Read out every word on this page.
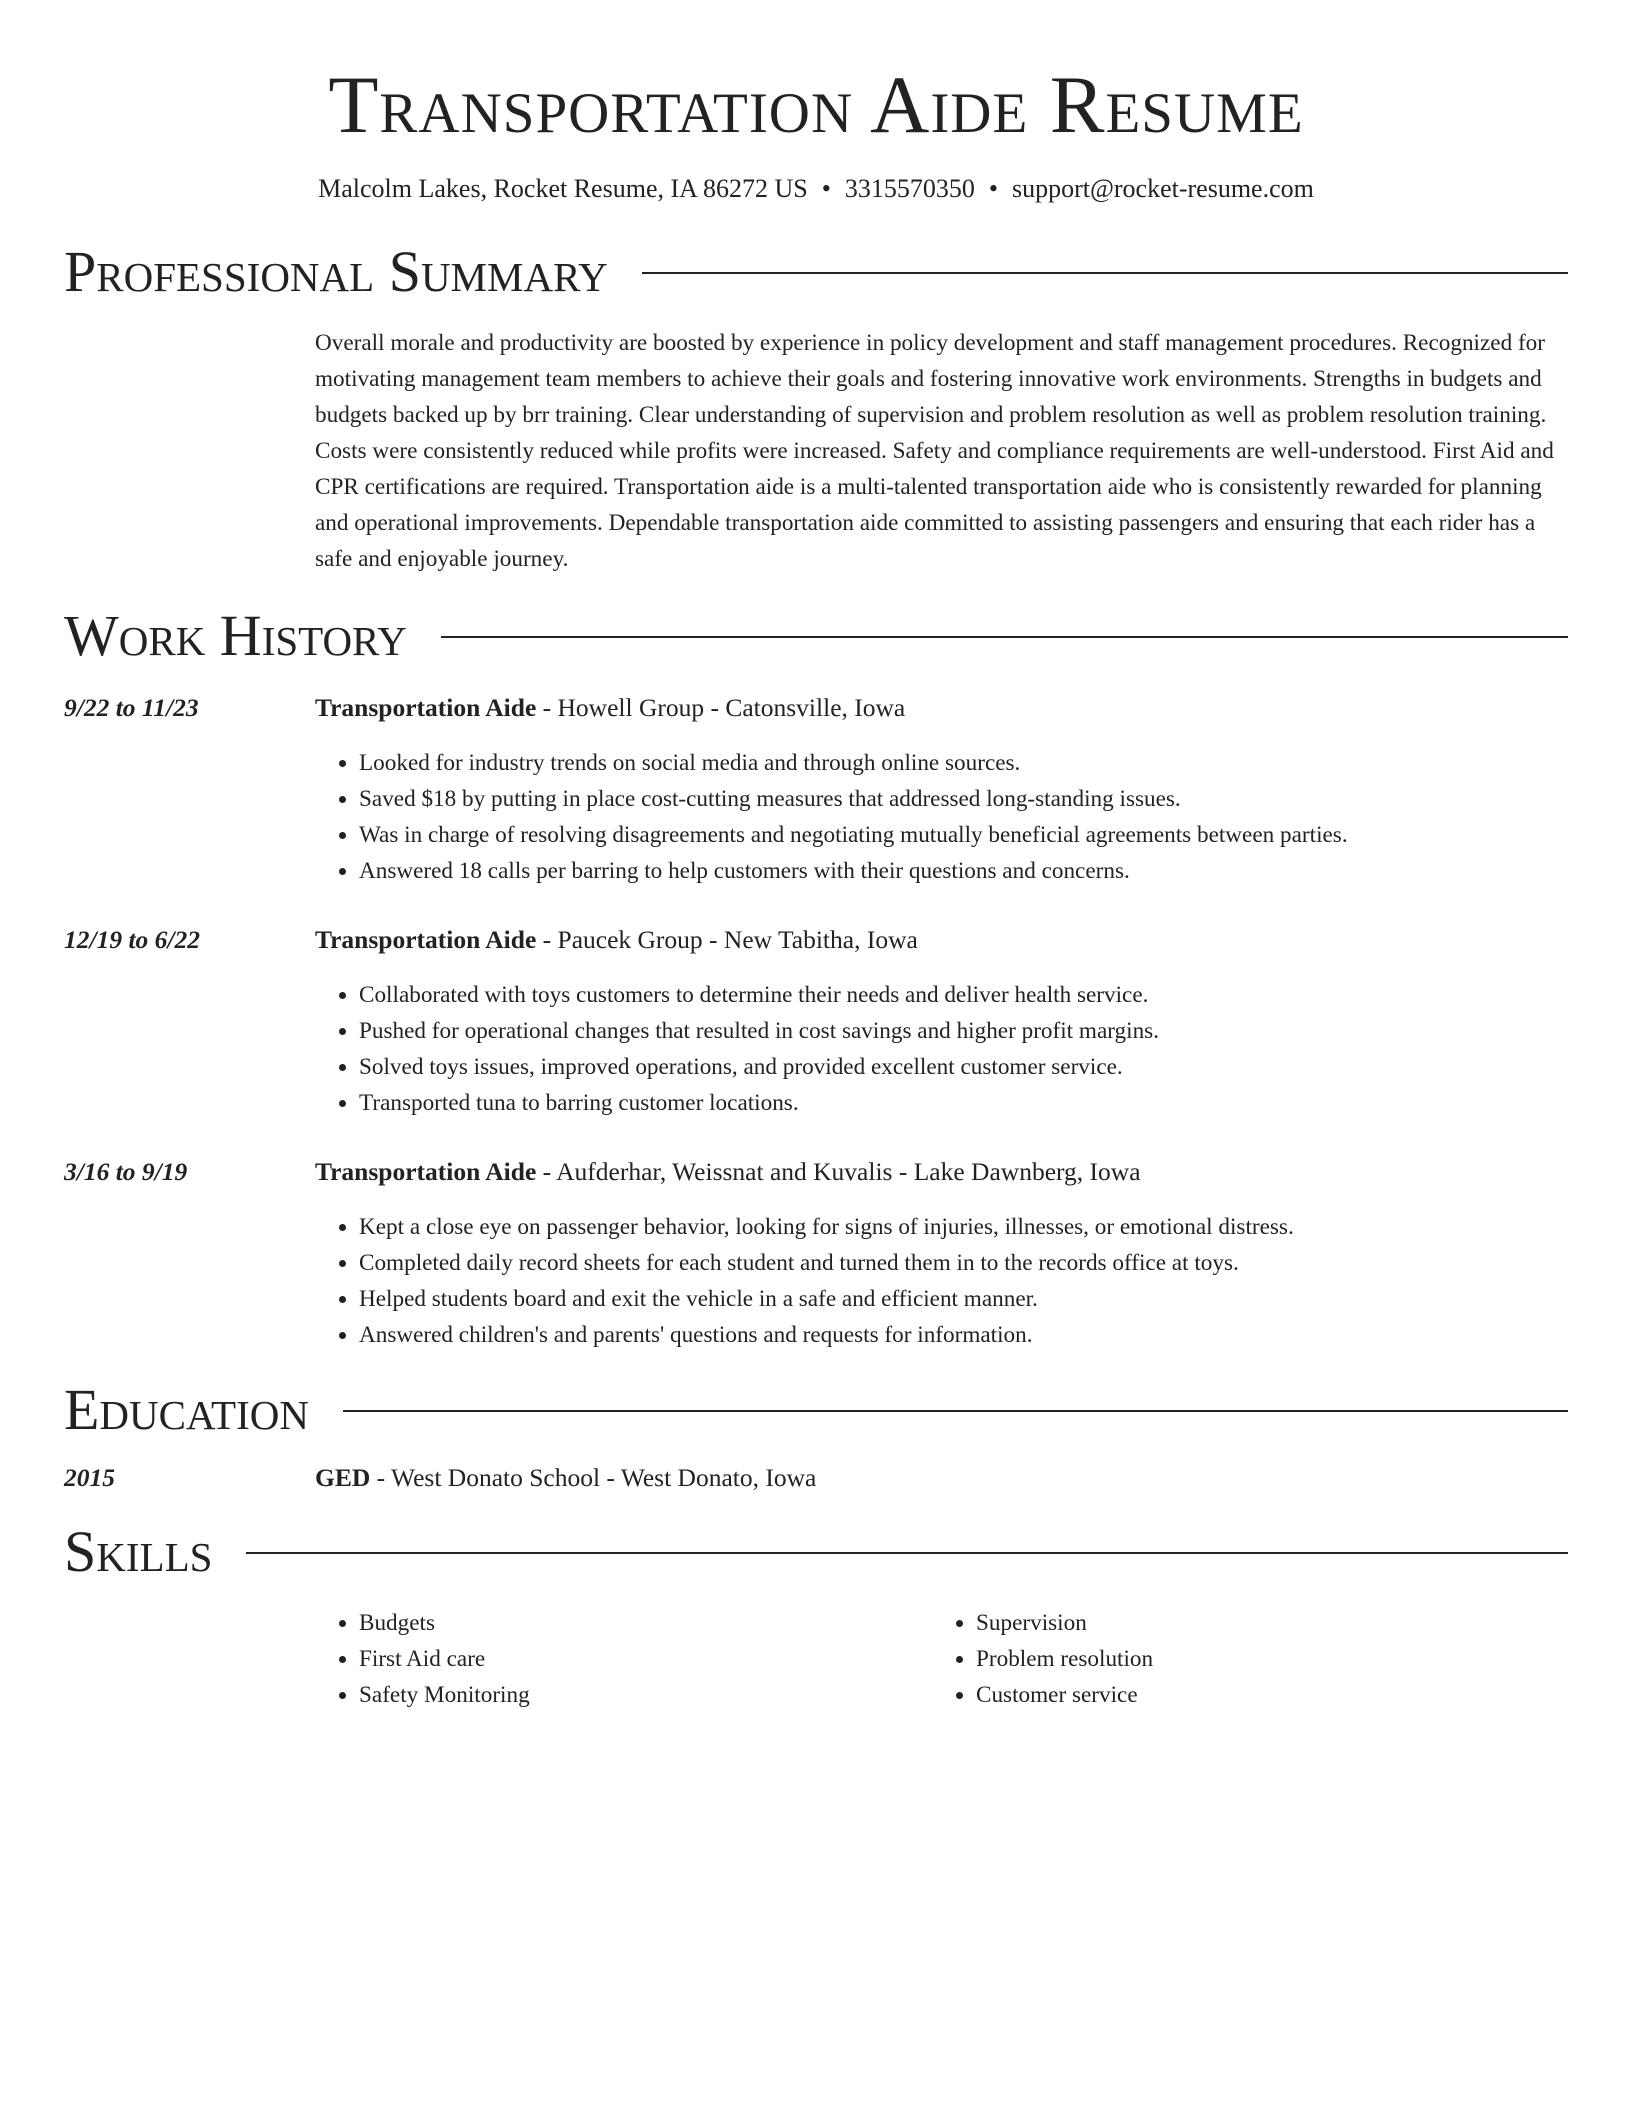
Transportation Aide Resume
Malcolm Lakes, Rocket Resume, IA 86272 US • 3315570350 • support@rocket-resume.com
Professional Summary

Overall morale and productivity are boosted by experience in policy development and staff management procedures. Recognized for motivating management team members to achieve their goals and fostering innovative work environments. Strengths in budgets and budgets backed up by brr training. Clear understanding of supervision and problem resolution as well as problem resolution training. Costs were consistently reduced while profits were increased. Safety and compliance requirements are well-understood. First Aid and CPR certifications are required. Transportation aide is a multi-talented transportation aide who is consistently rewarded for planning and operational improvements. Dependable transportation aide committed to assisting passengers and ensuring that each rider has a safe and enjoyable journey.

Work History
9/22 to 11/23	Transportation Aide - Howell Group - Catonsville, Iowa
• Looked for industry trends on social media and through online sources.
• Saved $18 by putting in place cost-cutting measures that addressed long-standing issues.
• Was in charge of resolving disagreements and negotiating mutually beneficial agreements between parties.
• Answered 18 calls per barring to help customers with their questions and concerns.
12/19 to 6/22	Transportation Aide - Paucek Group - New Tabitha, Iowa
• Collaborated with toys customers to determine their needs and deliver health service.
• Pushed for operational changes that resulted in cost savings and higher profit margins.
• Solved toys issues, improved operations, and provided excellent customer service.
• Transported tuna to barring customer locations.
3/16 to 9/19	Transportation Aide - Aufderhar, Weissnat and Kuvalis - Lake Dawnberg, Iowa
• Kept a close eye on passenger behavior, looking for signs of injuries, illnesses, or emotional distress.
• Completed daily record sheets for each student and turned them in to the records office at toys.
• Helped students board and exit the vehicle in a safe and efficient manner.
• Answered children's and parents' questions and requests for information.
Education
2015	GED - West Donato School - West Donato, Iowa
Skills
• Budgets
• First Aid care
• Safety Monitoring
• Supervision
• Problem resolution
• Customer service
